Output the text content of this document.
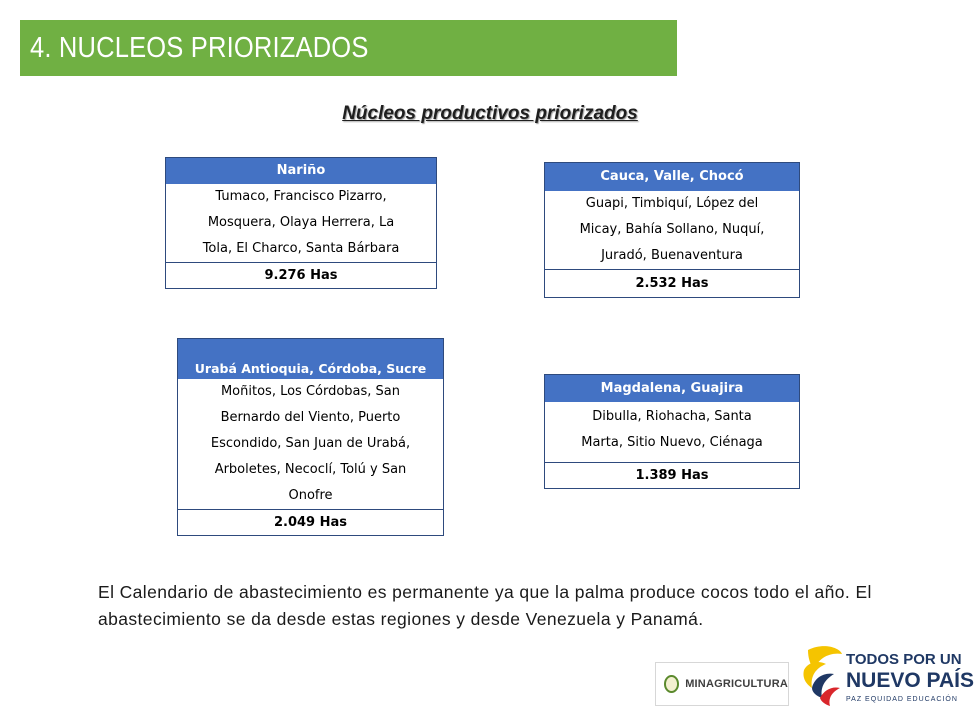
4. NUCLEOS PRIORIZADOS
Núcleos productivos priorizados
Nariño
Tumaco, Francisco Pizarro,
Mosquera, Olaya Herrera, La
Tola, El Charco, Santa Bárbara
9.276 Has
Cauca, Valle, Chocó
Guapi, Timbiquí, López del
Micay, Bahía Sollano, Nuquí,
Juradó, Buenaventura
2.532 Has
Urabá Antioquia, Córdoba, Sucre
Moñitos, Los Córdobas, San
Bernardo del Viento, Puerto
Escondido, San Juan de Urabá,
Arboletes, Necoclí, Tolú y San
Onofre
2.049 Has
Magdalena, Guajira
Dibulla, Riohacha, Santa
Marta, Sitio Nuevo, Ciénaga
1.389 Has
El Calendario de abastecimiento es permanente ya que la palma produce cocos todo el año. El abastecimiento se da desde estas regiones y desde Venezuela y Panamá.
MINAGRICULTURA
TODOS POR UN
NUEVO PAÍS
PAZ EQUIDAD EDUCACIÓN
